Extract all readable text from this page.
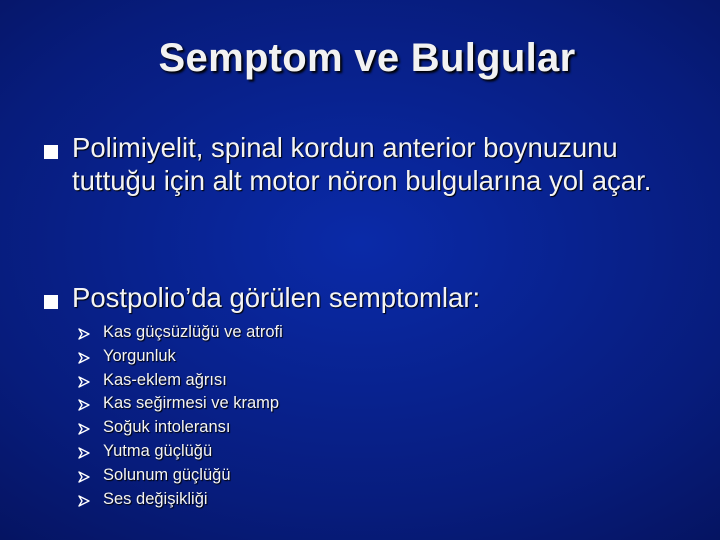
Semptom ve Bulgular
Polimiyelit, spinal kordun anterior boynuzunu tuttuğu için alt motor nöron bulgularına yol açar.
Postpolio’da görülen semptomlar:
Kas güçsüzlüğü ve atrofi
Yorgunluk
Kas-eklem ağrısı
Kas seğirmesi ve kramp
Soğuk intoleransı
Yutma güçlüğü
Solunum güçlüğü
Ses değişikliği
